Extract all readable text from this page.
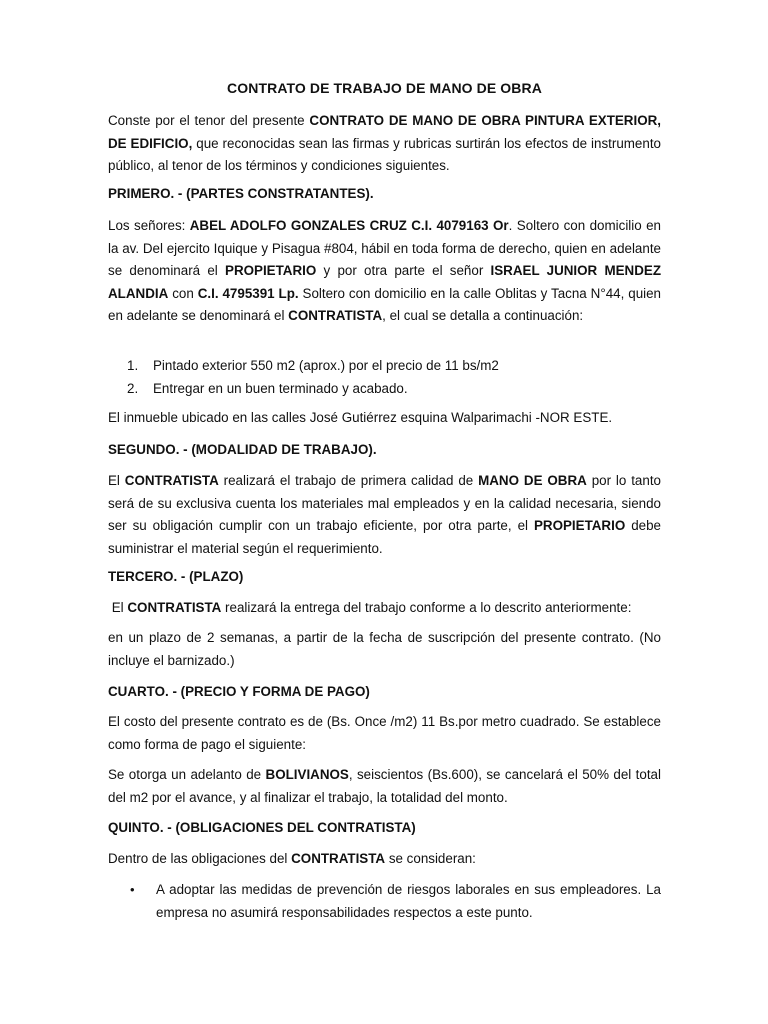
CONTRATO DE TRABAJO DE MANO DE OBRA

Conste por el tenor del presente CONTRATO DE MANO DE OBRA PINTURA EXTERIOR, DE EDIFICIO, que reconocidas sean las firmas y rubricas surtirán los efectos de instrumento público, al tenor de los términos y condiciones siguientes.

PRIMERO. - (PARTES CONSTRATANTES).

Los señores: ABEL ADOLFO GONZALES CRUZ C.I. 4079163 Or. Soltero con domicilio en la av. Del ejercito Iquique y Pisagua #804, hábil en toda forma de derecho, quien en adelante se denominará el PROPIETARIO y por otra parte el señor ISRAEL JUNIOR MENDEZ ALANDIA con C.I. 4795391 Lp. Soltero con domicilio en la calle Oblitas y Tacna N°44, quien en adelante se denominará el CONTRATISTA, el cual se detalla a continuación:

1. Pintado exterior 550 m2 (aprox.) por el precio de 11 bs/m2
2. Entregar en un buen terminado y acabado.

El inmueble ubicado en las calles José Gutiérrez esquina Walparimachi -NOR ESTE.

SEGUNDO. - (MODALIDAD DE TRABAJO).

El CONTRATISTA realizará el trabajo de primera calidad de MANO DE OBRA por lo tanto será de su exclusiva cuenta los materiales mal empleados y en la calidad necesaria, siendo ser su obligación cumplir con un trabajo eficiente, por otra parte, el PROPIETARIO debe suministrar el material según el requerimiento.

TERCERO. - (PLAZO)

El CONTRATISTA realizará la entrega del trabajo conforme a lo descrito anteriormente:

en un plazo de 2 semanas, a partir de la fecha de suscripción del presente contrato. (No incluye el barnizado.)

CUARTO. - (PRECIO Y FORMA DE PAGO)

El costo del presente contrato es de (Bs. Once /m2) 11 Bs.por metro cuadrado. Se establece como forma de pago el siguiente:

Se otorga un adelanto de BOLIVIANOS, seiscientos (Bs.600), se cancelará el 50% del total del m2 por el avance, y al finalizar el trabajo, la totalidad del monto.

QUINTO. - (OBLIGACIONES DEL CONTRATISTA)

Dentro de las obligaciones del CONTRATISTA se consideran:

• A adoptar las medidas de prevención de riesgos laborales en sus empleadores. La empresa no asumirá responsabilidades respectos a este punto.
